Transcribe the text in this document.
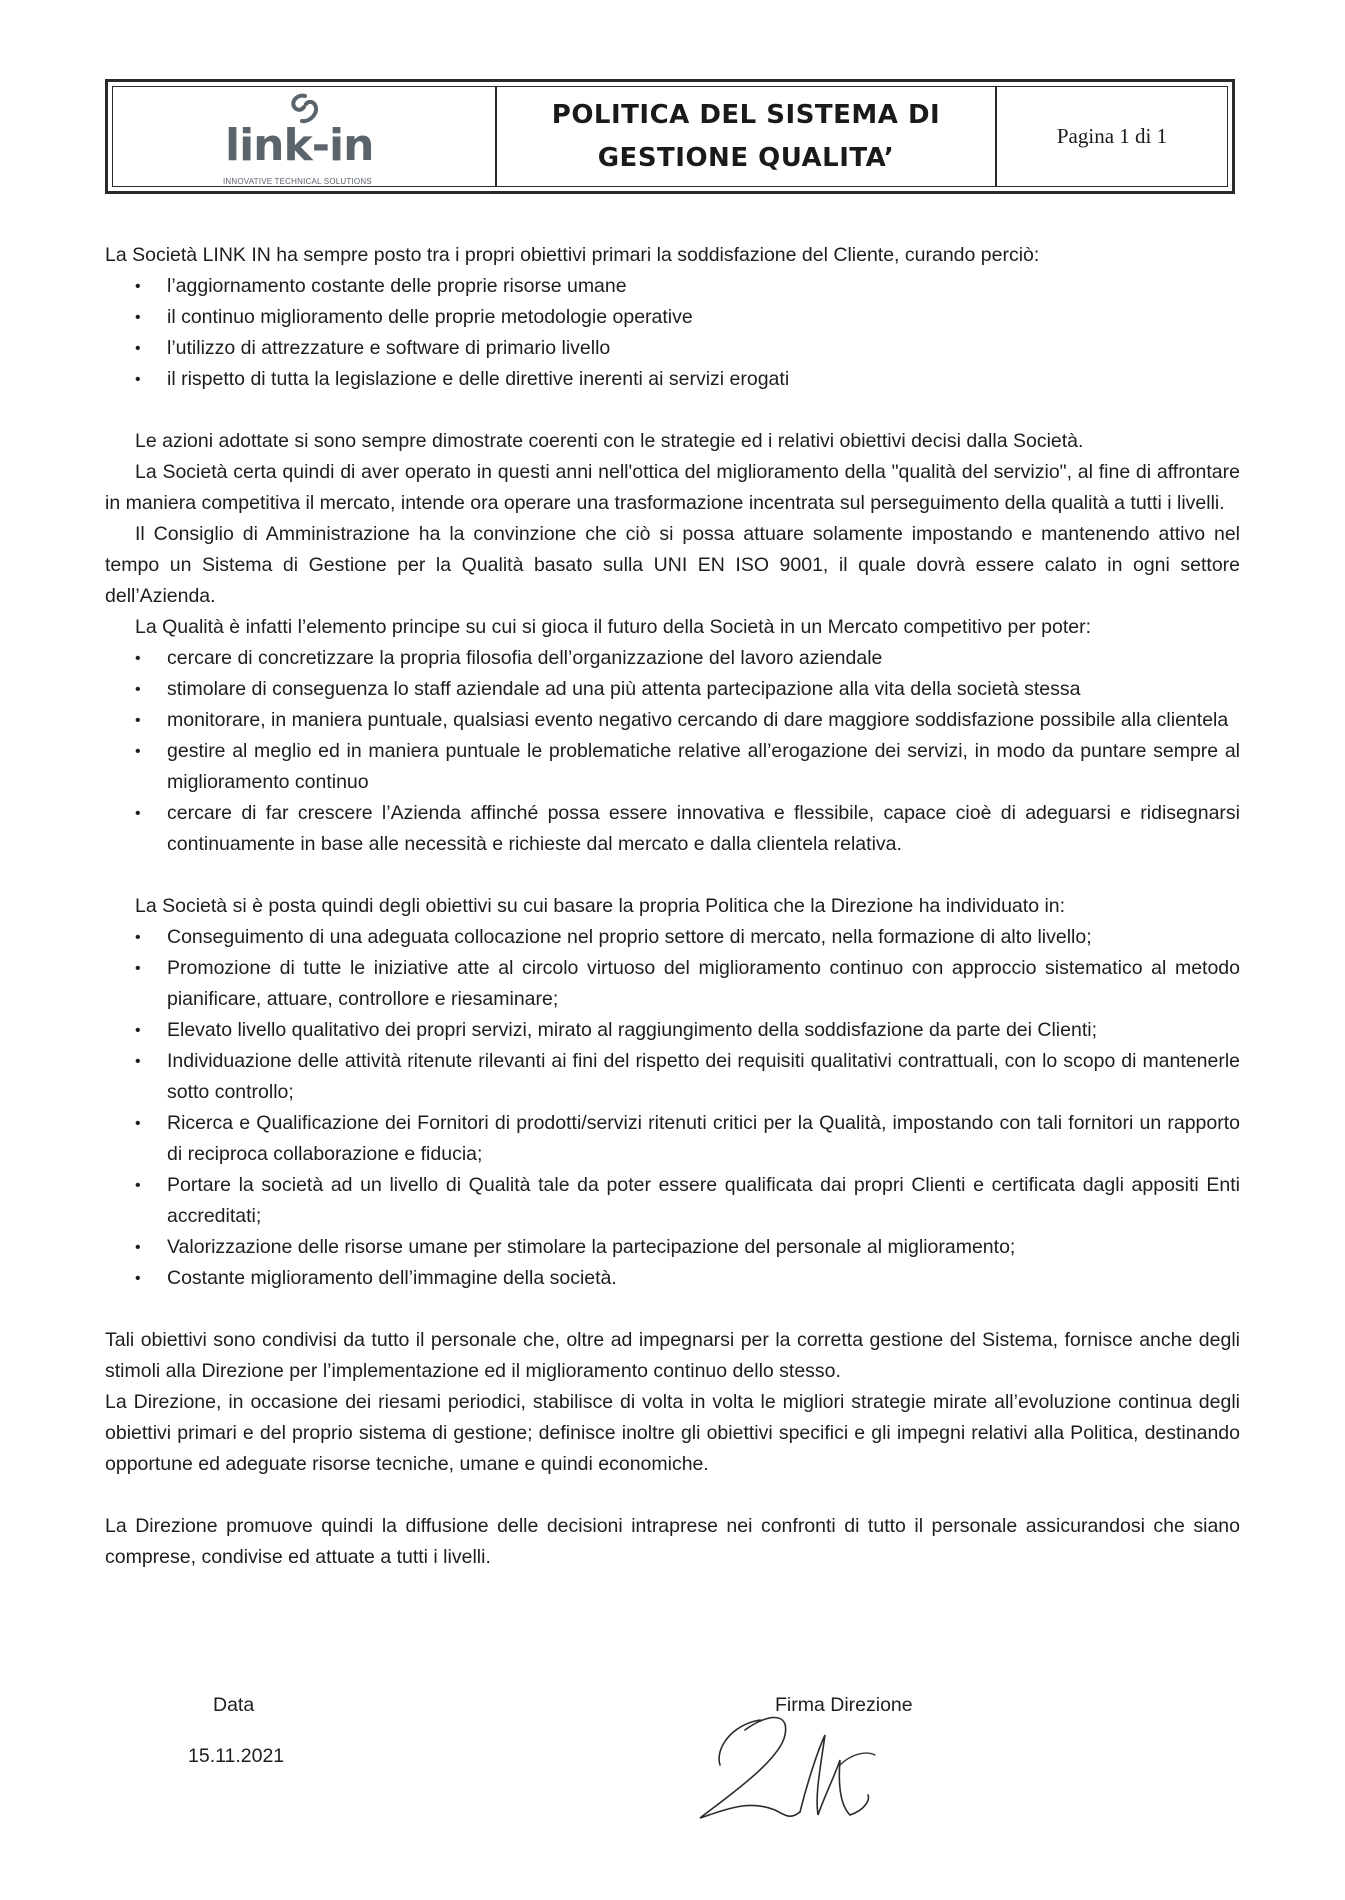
link-in
INNOVATIVE TECHNICAL SOLUTIONS
POLITICA DEL SISTEMA DI
GESTIONE QUALITA’
Pagina 1 di 1

La Società LINK IN ha sempre posto tra i propri obiettivi primari la soddisfazione del Cliente, curando perciò:

• l’aggiornamento costante delle proprie risorse umane
• il continuo miglioramento delle proprie metodologie operative
• l’utilizzo di attrezzature e software di primario livello
• il rispetto di tutta la legislazione e delle direttive inerenti ai servizi erogati

Le azioni adottate si sono sempre dimostrate coerenti con le strategie ed i relativi obiettivi decisi dalla Società.

La Società certa quindi di aver operato in questi anni nell'ottica del miglioramento della "qualità del servizio", al fine di affrontare in maniera competitiva il mercato, intende ora operare una trasformazione incentrata sul perseguimento della qualità a tutti i livelli.

Il Consiglio di Amministrazione ha la convinzione che ciò si possa attuare solamente impostando e mantenendo attivo nel tempo un Sistema di Gestione per la Qualità basato sulla UNI EN ISO 9001, il quale dovrà essere calato in ogni settore dell’Azienda.

La Qualità è infatti l’elemento principe su cui si gioca il futuro della Società in un Mercato competitivo per poter:

• cercare di concretizzare la propria filosofia dell’organizzazione del lavoro aziendale
• stimolare di conseguenza lo staff aziendale ad una più attenta partecipazione alla vita della società stessa
• monitorare, in maniera puntuale, qualsiasi evento negativo cercando di dare maggiore soddisfazione possibile alla clientela
• gestire al meglio ed in maniera puntuale le problematiche relative all’erogazione dei servizi, in modo da puntare sempre al miglioramento continuo
• cercare di far crescere l’Azienda affinché possa essere innovativa e flessibile, capace cioè di adeguarsi e ridisegnarsi continuamente in base alle necessità e richieste dal mercato e dalla clientela relativa.

La Società si è posta quindi degli obiettivi su cui basare la propria Politica che la Direzione ha individuato in:

• Conseguimento di una adeguata collocazione nel proprio settore di mercato, nella formazione di alto livello;
• Promozione di tutte le iniziative atte al circolo virtuoso del miglioramento continuo con approccio sistematico al metodo pianificare, attuare, controllore e riesaminare;
• Elevato livello qualitativo dei propri servizi, mirato al raggiungimento della soddisfazione da parte dei Clienti;
• Individuazione delle attività ritenute rilevanti ai fini del rispetto dei requisiti qualitativi contrattuali, con lo scopo di mantenerle sotto controllo;
• Ricerca e Qualificazione dei Fornitori di prodotti/servizi ritenuti critici per la Qualità, impostando con tali fornitori un rapporto di reciproca collaborazione e fiducia;
• Portare la società ad un livello di Qualità tale da poter essere qualificata dai propri Clienti e certificata dagli appositi Enti accreditati;
• Valorizzazione delle risorse umane per stimolare la partecipazione del personale al miglioramento;
• Costante miglioramento dell’immagine della società.

Tali obiettivi sono condivisi da tutto il personale che, oltre ad impegnarsi per la corretta gestione del Sistema, fornisce anche degli stimoli alla Direzione per l’implementazione ed il miglioramento continuo dello stesso.

La Direzione, in occasione dei riesami periodici, stabilisce di volta in volta le migliori strategie mirate all’evoluzione continua degli obiettivi primari e del proprio sistema di gestione; definisce inoltre gli obiettivi specifici e gli impegni relativi alla Politica, destinando opportune ed adeguate risorse tecniche, umane e quindi economiche.

La Direzione promuove quindi la diffusione delle decisioni intraprese nei confronti di tutto il personale assicurandosi che siano comprese, condivise ed attuate a tutti i livelli.

Data
15.11.2021
Firma Direzione
